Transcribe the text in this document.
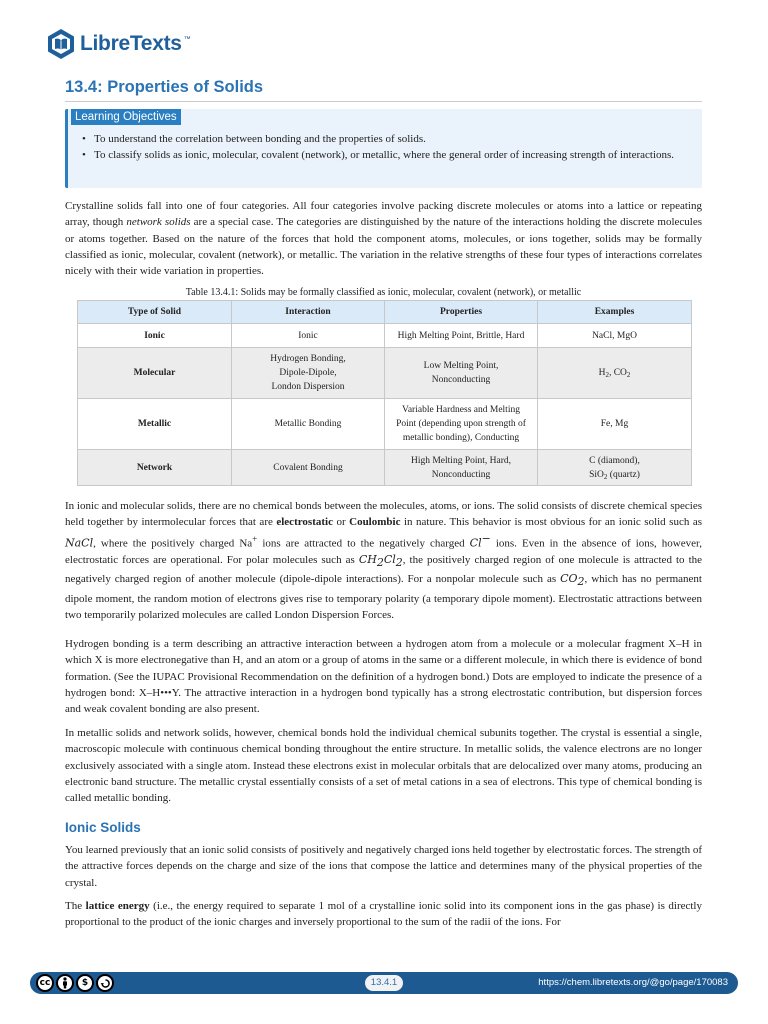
LibreTexts ™
13.4: Properties of Solids
Learning Objectives
• To understand the correlation between bonding and the properties of solids.
• To classify solids as ionic, molecular, covalent (network), or metallic, where the general order of increasing strength of interactions.

Crystalline solids fall into one of four categories. All four categories involve packing discrete molecules or atoms into a lattice or repeating array, though network solids are a special case. The categories are distinguished by the nature of the interactions holding the discrete molecules or atoms together. Based on the nature of the forces that hold the component atoms, molecules, or ions together, solids may be formally classified as ionic, molecular, covalent (network), or metallic. The variation in the relative strengths of these four types of interactions correlates nicely with their wide variation in properties.

Table 13.4.1: Solids may be formally classified as ionic, molecular, covalent (network), or metallic
Type of Solid	Interaction	Properties	Examples
Ionic	Ionic	High Melting Point, Brittle, Hard	NaCl, MgO
Molecular	Hydrogen Bonding,
Dipole-Dipole,
London Dispersion	Low Melting Point,
Nonconducting	$H_2$, $CO_2$
Metallic	Metallic Bonding	Variable Hardness and Melting
Point (depending upon strength of
metallic bonding), Conducting	Fe, Mg
Network	Covalent Bonding	High Melting Point, Hard,
Nonconducting	C (diamond),
SiO$_2$ (quartz)

In ionic and molecular solids, there are no chemical bonds between the molecules, atoms, or ions. The solid consists of discrete chemical species held together by intermolecular forces that are electrostatic or Coulombic in nature. This behavior is most obvious for an ionic solid such as NaCl, where the positively charged Na+ ions are attracted to the negatively charged Cl− ions. Even in the absence of ions, however, electrostatic forces are operational. For polar molecules such as $CH_2Cl_2$, the positively charged region of one molecule is attracted to the negatively charged region of another molecule (dipole-dipole interactions). For a nonpolar molecule such as $CO_2$, which has no permanent dipole moment, the random motion of electrons gives rise to temporary polarity (a temporary dipole moment). Electrostatic attractions between two temporarily polarized molecules are called London Dispersion Forces.

Hydrogen bonding is a term describing an attractive interaction between a hydrogen atom from a molecule or a molecular fragment X–H in which X is more electronegative than H, and an atom or a group of atoms in the same or a different molecule, in which there is evidence of bond formation. (See the IUPAC Provisional Recommendation on the definition of a hydrogen bond.) Dots are employed to indicate the presence of a hydrogen bond: X–H•••Y. The attractive interaction in a hydrogen bond typically has a strong electrostatic contribution, but dispersion forces and weak covalent bonding are also present.

In metallic solids and network solids, however, chemical bonds hold the individual chemical subunits together. The crystal is essential a single, macroscopic molecule with continuous chemical bonding throughout the entire structure. In metallic solids, the valence electrons are no longer exclusively associated with a single atom. Instead these electrons exist in molecular orbitals that are delocalized over many atoms, producing an electronic band structure. The metallic crystal essentially consists of a set of metal cations in a sea of electrons. This type of chemical bonding is called metallic bonding.

Ionic Solids

You learned previously that an ionic solid consists of positively and negatively charged ions held together by electrostatic forces. The strength of the attractive forces depends on the charge and size of the ions that compose the lattice and determines many of the physical properties of the crystal.

The lattice energy (i.e., the energy required to separate 1 mol of a crystalline ionic solid into its component ions in the gas phase) is directly proportional to the product of the ionic charges and inversely proportional to the sum of the radii of the ions. For

cc	$	13.4.1	https://chem.libretexts.org/@go/page/170083
